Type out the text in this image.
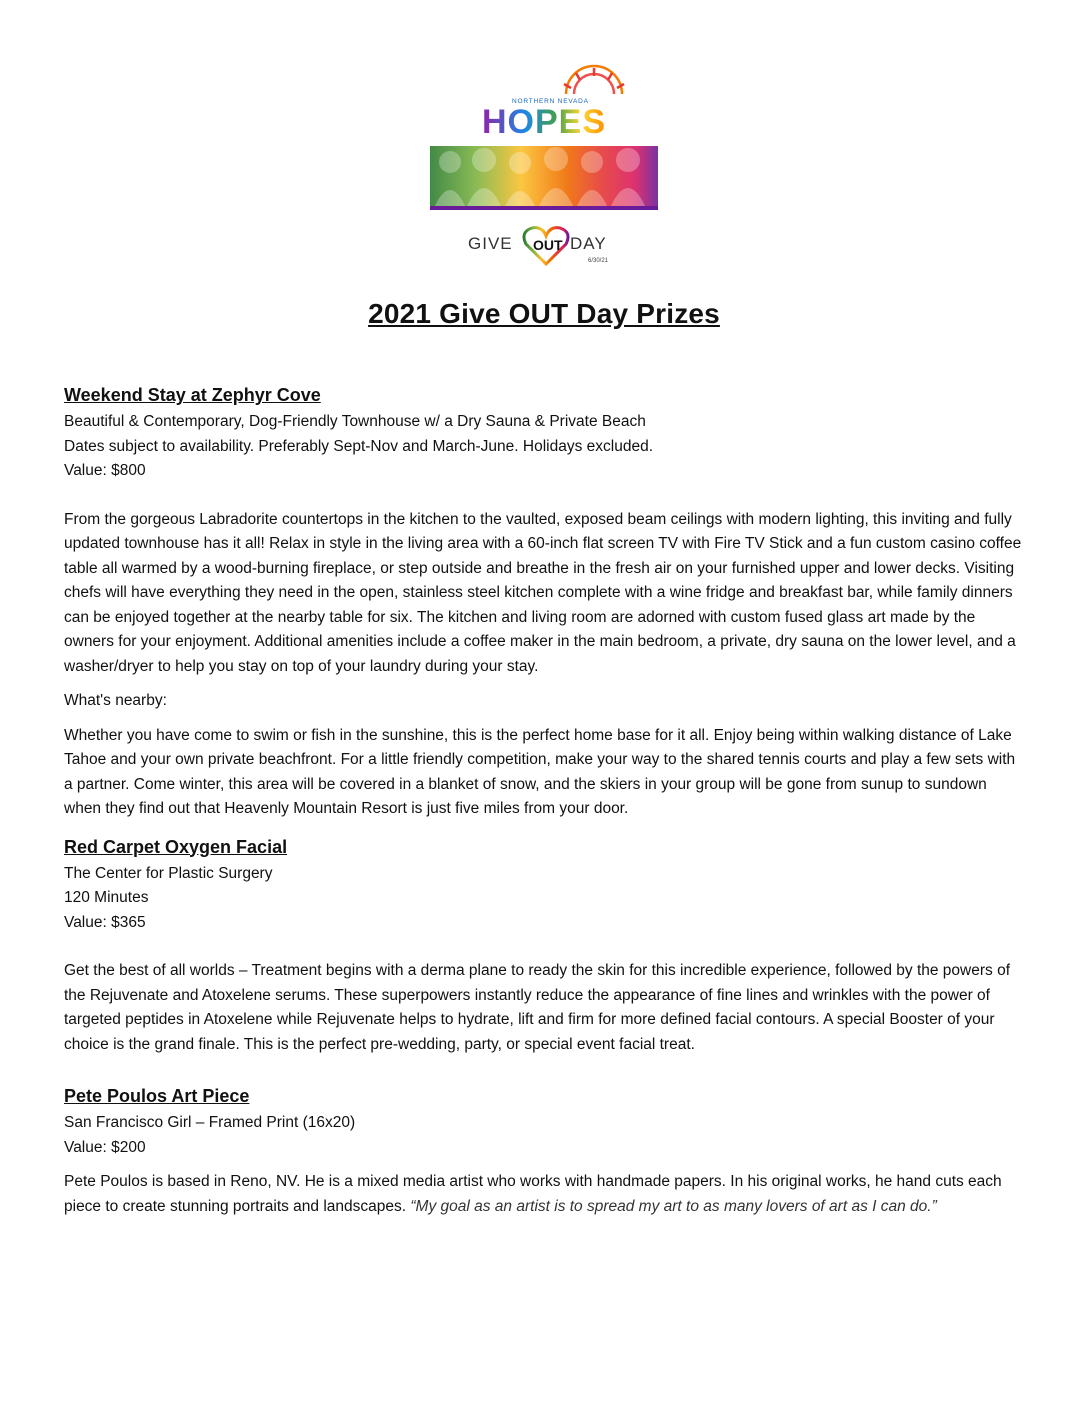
NORTHERN NEVADA
HOPES
GIVE OUT DAY
6/30/21
2021 Give OUT Day Prizes

Weekend Stay at Zephyr Cove

Beautiful & Contemporary, Dog-Friendly Townhouse w/ a Dry Sauna & Private Beach

Dates subject to availability. Preferably Sept-Nov and March-June. Holidays excluded.

Value: $800

From the gorgeous Labradorite countertops in the kitchen to the vaulted, exposed beam ceilings with modern lighting, this inviting and fully updated townhouse has it all! Relax in style in the living area with a 60-inch flat screen TV with Fire TV Stick and a fun custom casino coffee table all warmed by a wood-burning fireplace, or step outside and breathe in the fresh air on your furnished upper and lower decks. Visiting chefs will have everything they need in the open, stainless steel kitchen complete with a wine fridge and breakfast bar, while family dinners can be enjoyed together at the nearby table for six. The kitchen and living room are adorned with custom fused glass art made by the owners for your enjoyment. Additional amenities include a coffee maker in the main bedroom, a private, dry sauna on the lower level, and a washer/dryer to help you stay on top of your laundry during your stay.

What's nearby:

Whether you have come to swim or fish in the sunshine, this is the perfect home base for it all. Enjoy being within walking distance of Lake Tahoe and your own private beachfront. For a little friendly competition, make your way to the shared tennis courts and play a few sets with a partner. Come winter, this area will be covered in a blanket of snow, and the skiers in your group will be gone from sunup to sundown when they find out that Heavenly Mountain Resort is just five miles from your door.

Red Carpet Oxygen Facial

The Center for Plastic Surgery

120 Minutes

Value: $365

Get the best of all worlds – Treatment begins with a derma plane to ready the skin for this incredible experience, followed by the powers of the Rejuvenate and Atoxelene serums. These superpowers instantly reduce the appearance of fine lines and wrinkles with the power of targeted peptides in Atoxelene while Rejuvenate helps to hydrate, lift and firm for more defined facial contours. A special Booster of your choice is the grand finale. This is the perfect pre-wedding, party, or special event facial treat.

Pete Poulos Art Piece

San Francisco Girl – Framed Print (16x20)

Value: $200

Pete Poulos is based in Reno, NV. He is a mixed media artist who works with handmade papers. In his original works, he hand cuts each piece to create stunning portraits and landscapes. “My goal as an artist is to spread my art to as many lovers of art as I can do.”
